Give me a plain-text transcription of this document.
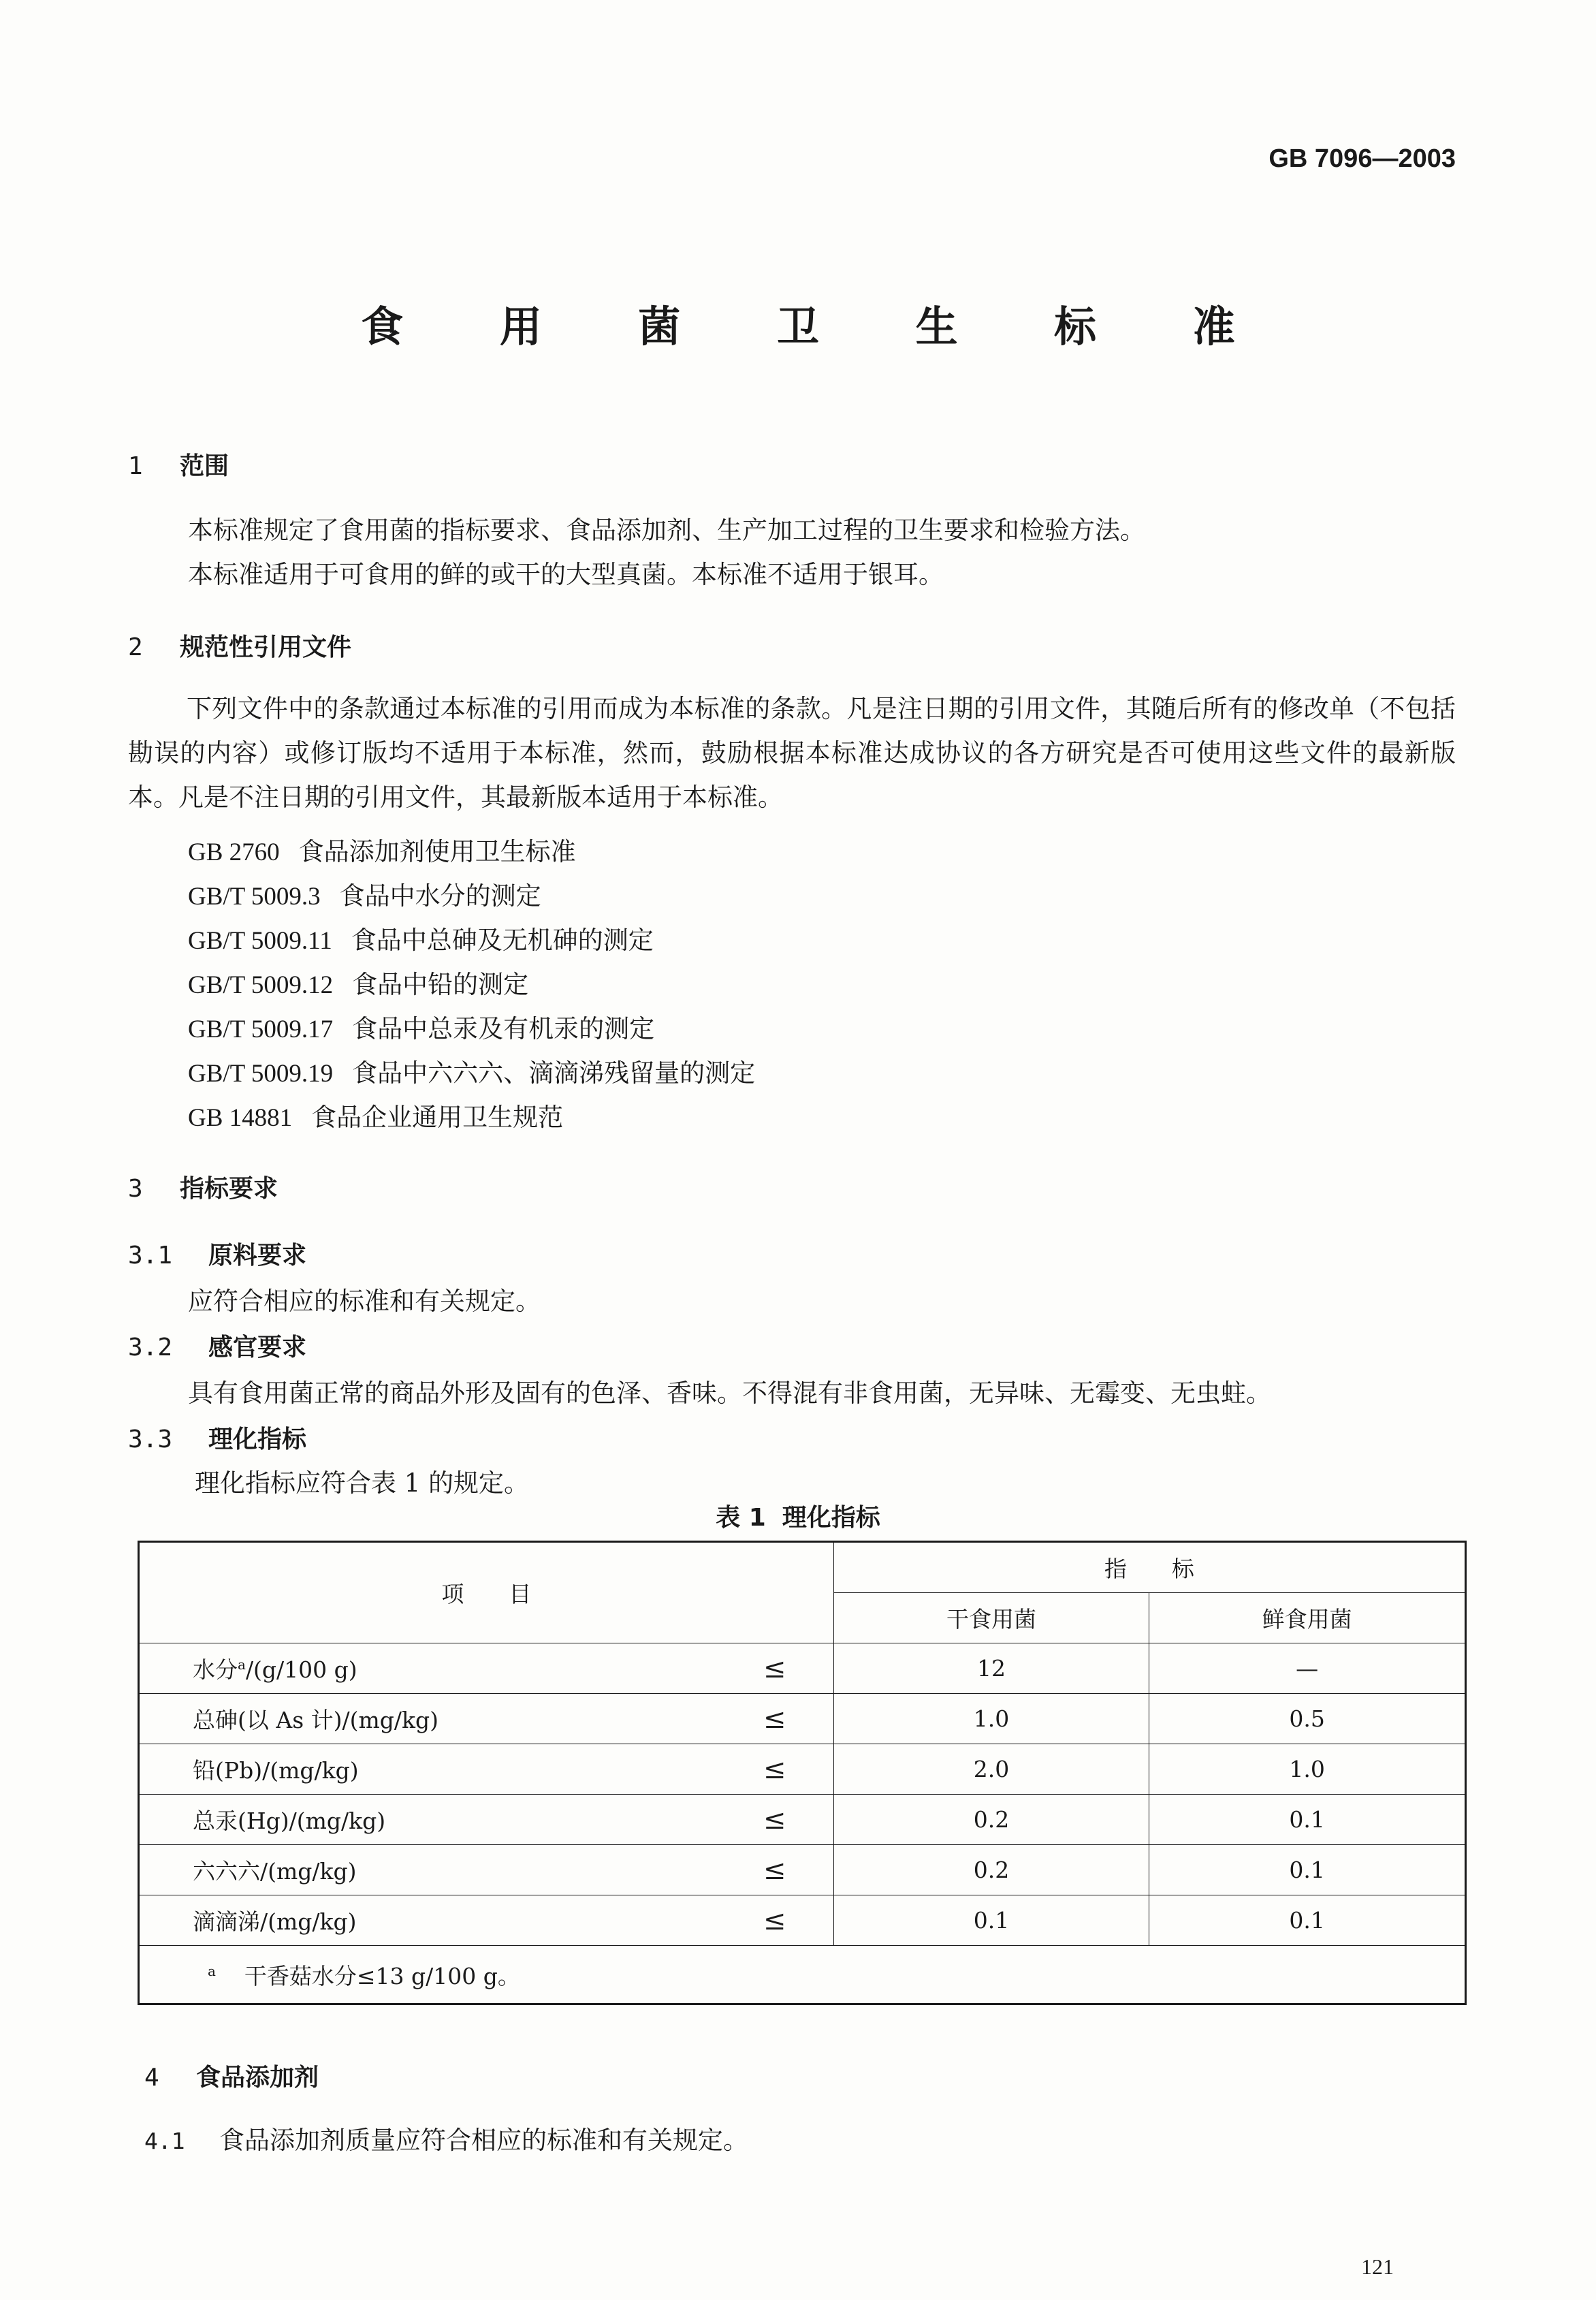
GB 7096—2003
食 用 菌 卫 生 标 准
1 范围
本标准规定了食用菌的指标要求、食品添加剂、生产加工过程的卫生要求和检验方法。
本标准适用于可食用的鲜的或干的大型真菌。本标准不适用于银耳。
2 规范性引用文件
下列文件中的条款通过本标准的引用而成为本标准的条款。凡是注日期的引用文件，其随后所有的修改单（不包括勘误的内容）或修订版均不适用于本标准，然而，鼓励根据本标准达成协议的各方研究是否可使用这些文件的最新版本。凡是不注日期的引用文件，其最新版本适用于本标准。
GB 2760 食品添加剂使用卫生标准
GB/T 5009.3 食品中水分的测定
GB/T 5009.11 食品中总砷及无机砷的测定
GB/T 5009.12 食品中铅的测定
GB/T 5009.17 食品中总汞及有机汞的测定
GB/T 5009.19 食品中六六六、滴滴涕残留量的测定
GB 14881 食品企业通用卫生规范
3 指标要求
3.1 原料要求
应符合相应的标准和有关规定。
3.2 感官要求
具有食用菌正常的商品外形及固有的色泽、香味。不得混有非食用菌，无异味、无霉变、无虫蛀。
3.3 理化指标
理化指标应符合表 1 的规定。
表 1 理化指标
项　　目		指　　标	
		干食用菌	鲜食用菌
水分$^a$/(g/100 g)	≤	12	—
总砷(以 As 计)/(mg/kg)	≤	1.0	0.5
铅(Pb)/(mg/kg)	≤	2.0	1.0
总汞(Hg)/(mg/kg)	≤	0.2	0.1
六六六/(mg/kg)	≤	0.2	0.1
滴滴涕/(mg/kg)	≤	0.1	0.1
$^a$ 干香菇水分≤13 g/100 g。			
4 食品添加剂
4.1 食品添加剂质量应符合相应的标准和有关规定。
121
